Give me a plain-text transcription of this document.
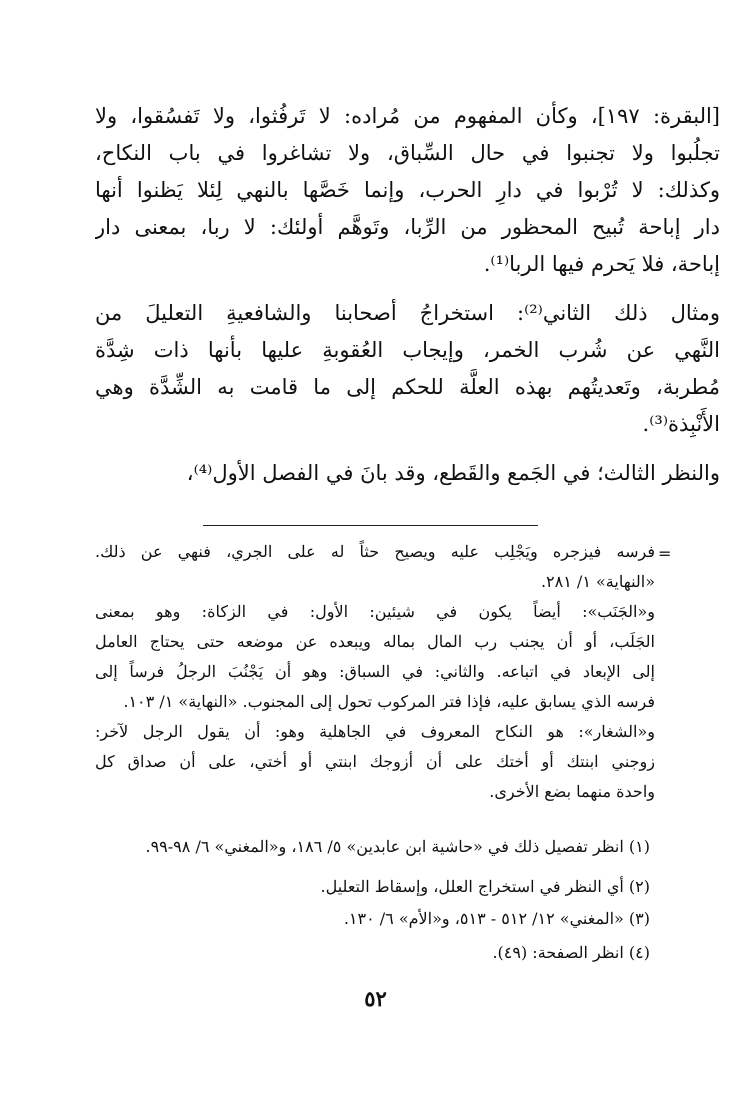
[البقرة: ١٩٧]، وكأن المفهوم من مُراده: لا تَرفُثوا، ولا تَفسُقوا، ولا
تجلُبوا ولا تجنبوا في حال السِّباق، ولا تشاغروا في باب النكاح،
وكذلك: لا تُرْبوا في دارِ الحرب، وإنما خَصَّها بالنهي لِئلا يَظنوا أنها
دار إباحة تُبيح المحظور من الرِّبا، وتَوهَّم أولئك: لا ربا، بمعنى دار
إباحة، فلا يَحرم فيها الربا⁽¹⁾.
ومثال ذلك الثاني⁽²⁾: استخراجُ أصحابنا والشافعيةِ التعليلَ من
النَّهي عن شُرب الخمر، وإيجاب العُقوبةِ عليها بأنها ذات شِدَّة
مُطربة، وتَعديتُهم بهذه العلَّة للحكم إلى ما قامت به الشِّدَّة وهي
الأَنْبِذة⁽³⁾.
والنظر الثالث؛ في الجَمع والقَطع، وقد بانَ في الفصل الأول⁽⁴⁾،
=
فرسه فيزجره ويَجْلِب عليه ويصيح حثاً له على الجري، فنهي عن ذلك.
«النهاية» ١/ ٢٨١.
و«الجَنَب»: أيضاً يكون في شيئين: الأول: في الزكاة: وهو بمعنى
الجَلَب، أو أن يجنب رب المال بماله ويبعده عن موضعه حتى يحتاج العامل
إلى الإبعاد في اتباعه. والثاني: في السباق: وهو أن يَجْنُبَ الرجلُ فرساً إلى
فرسه الذي يسابق عليه، فإذا فتر المركوب تحول إلى المجنوب. «النهاية» ١/ ١٠٣.
و«الشغار»: هو النكاح المعروف في الجاهلية وهو: أن يقول الرجل لآخر:
زوجني ابنتك أو أختك على أن أزوجك ابنتي أو أختي، على أن صداق كل
واحدة منهما بضع الأخرى.
(١) انظر تفصيل ذلك في «حاشية ابن عابدين» ٥/ ١٨٦، و«المغني» ٦/ ٩٨-٩٩.
(٢) أي النظر في استخراج العلل، وإسقاط التعليل.
(٣) «المغني» ١٢/ ٥١٢ - ٥١٣، و«الأم» ٦/ ١٣٠.
(٤) انظر الصفحة: (٤٩).
٥٢
